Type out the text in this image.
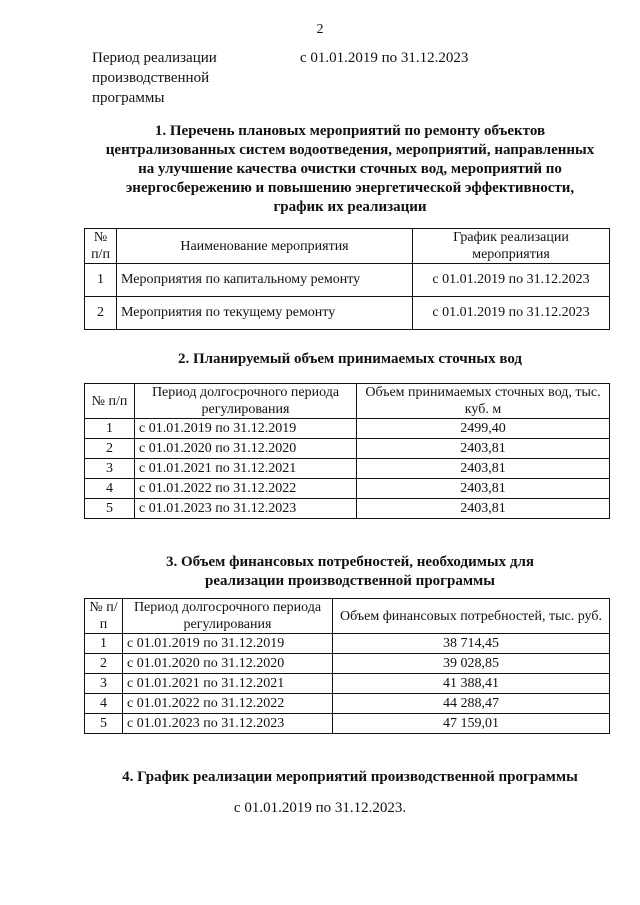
2
Период реализации производственной программы
с 01.01.2019 по 31.12.2023
1. Перечень плановых мероприятий по ремонту объектов централизованных систем водоотведения, мероприятий, направленных на улучшение качества очистки сточных вод, мероприятий по энергосбережению и повышению энергетической эффективности, график их реализации
№ п/п	Наименование мероприятия	График реализации мероприятия
1	Мероприятия по капитальному ремонту	с 01.01.2019 по 31.12.2023
2	Мероприятия по текущему ремонту	с 01.01.2019 по 31.12.2023
2. Планируемый объем принимаемых сточных вод
№ п/п	Период долгосрочного периода регулирования	Объем принимаемых сточных вод, тыс. куб. м
1	с 01.01.2019 по 31.12.2019	2499,40
2	с 01.01.2020 по 31.12.2020	2403,81
3	с 01.01.2021 по 31.12.2021	2403,81
4	с 01.01.2022 по 31.12.2022	2403,81
5	с 01.01.2023 по 31.12.2023	2403,81
3. Объем финансовых потребностей, необходимых для реализации производственной программы
№ п/п	Период долгосрочного периода регулирования	Объем финансовых потребностей, тыс. руб.
1	с 01.01.2019 по 31.12.2019	38 714,45
2	с 01.01.2020 по 31.12.2020	39 028,85
3	с 01.01.2021 по 31.12.2021	41 388,41
4	с 01.01.2022 по 31.12.2022	44 288,47
5	с 01.01.2023 по 31.12.2023	47 159,01
4. График реализации мероприятий производственной программы
с 01.01.2019 по 31.12.2023.
